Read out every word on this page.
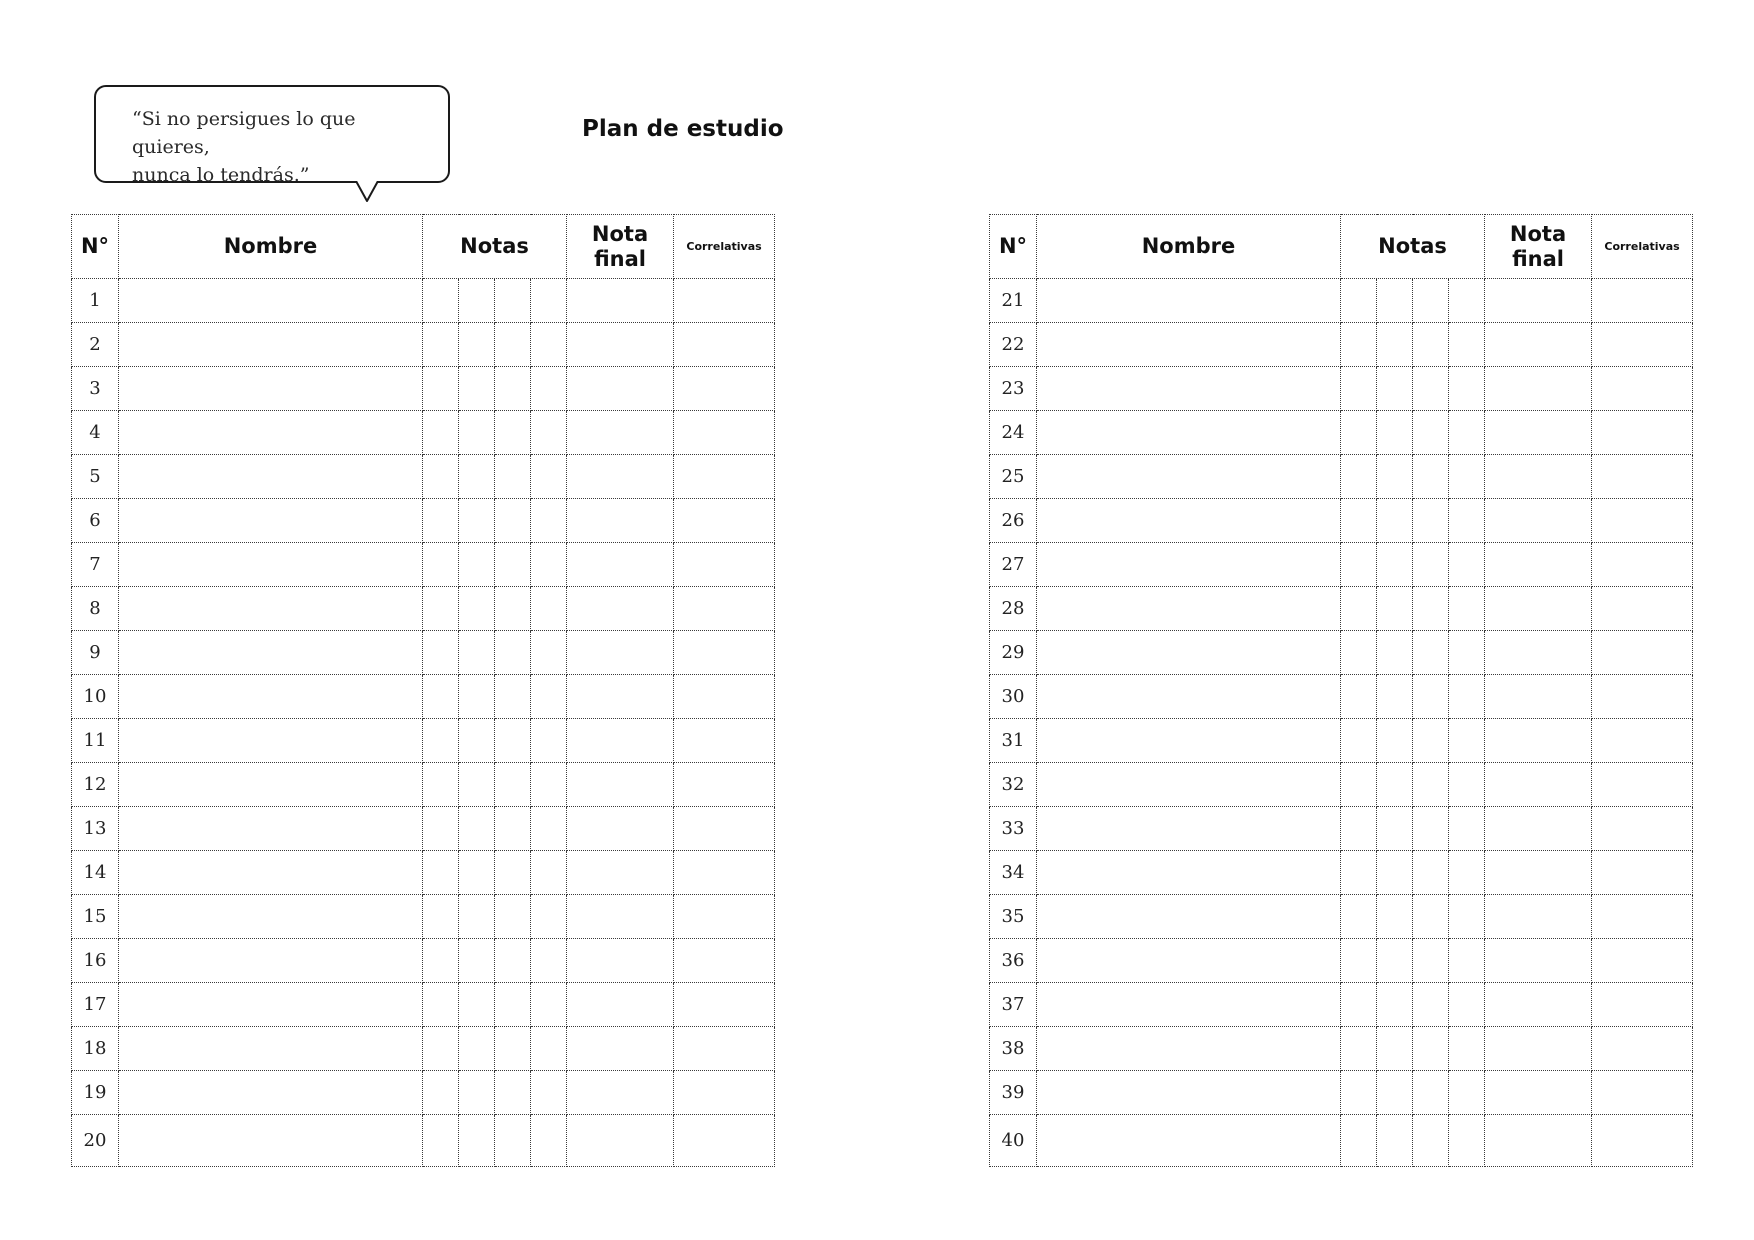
“Si no persigues lo que quieres,
nunca lo tendrás.”

Plan de estudio
N°	Nombre	Notas				Nota
final	Correlativas
1							
2							
3							
4							
5							
6							
7							
8							
9							
10							
11							
12							
13							
14							
15							
16							
17							
18							
19							
20							
N°	Nombre	Notas				Nota
final	Correlativas
21							
22							
23							
24							
25							
26							
27							
28							
29							
30							
31							
32							
33							
34							
35							
36							
37							
38							
39							
40							
